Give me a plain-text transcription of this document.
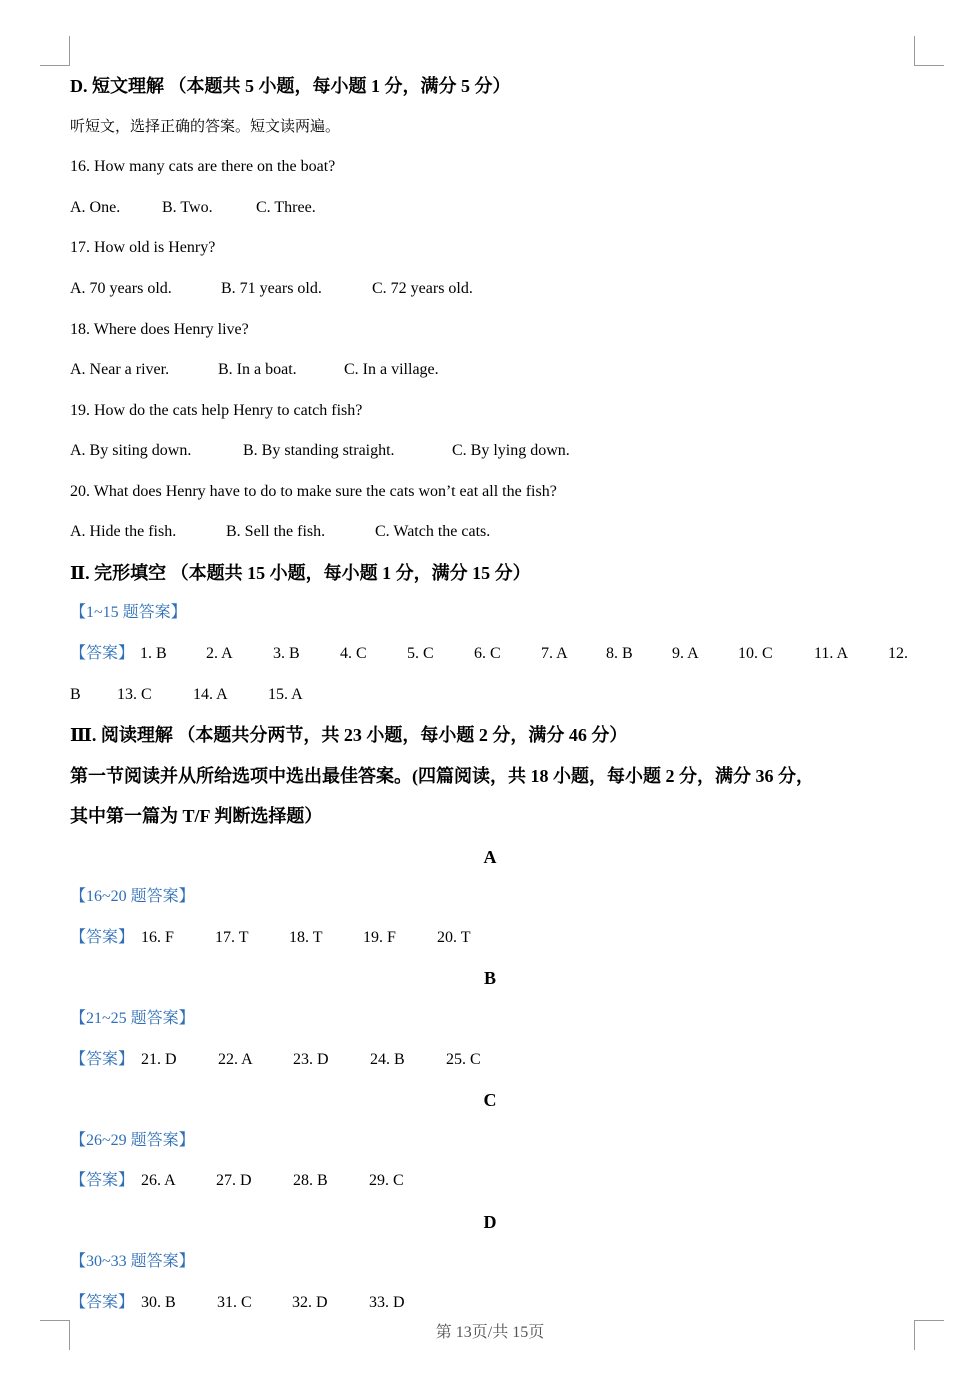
D. 短文理解 （本题共 5 小题，每小题 1 分，满分 5 分）
听短文，选择正确的答案。短文读两遍。
16. How many cats are there on the boat?
A. One.	B. Two.	C. Three.
17. How old is Henry?
A. 70 years old.	B. 71 years old.	C. 72 years old.
18. Where does Henry live?
A. Near a river.	B. In a boat.	C. In a village.
19. How do the cats help Henry to catch fish?
A. By siting down.	B. By standing straight.	C. By lying down.
20. What does Henry have to do to make sure the cats won’t eat all the fish?
A. Hide the fish.	B. Sell the fish.	C. Watch the cats.
Ⅱ. 完形填空 （本题共 15 小题，每小题 1 分，满分 15 分）
【1~15 题答案】
【答案】 1. B 2. A	3. B	4. C	5. C	6. C	7. A 8. B 9. A 10. C	11. A 12.
B 13. C	14. A	15. A
Ⅲ. 阅读理解 （本题共分两节，共 23 小题，每小题 2 分，满分 46 分）
第一节阅读并从所给选项中选出最佳答案。(四篇阅读，共 18 小题，每小题 2 分，满分 36 分，
其中第一篇为 T/F 判断选择题）
A
【16~20 题答案】
【答案】 16. F	17. T	18. T	19. F	20. T
B
【21~25 题答案】
【答案】 21. D	22. A	23. D	24. B	25. C
C
【26~29 题答案】
【答案】 26. A	27. D	28. B	29. C
D
【30~33 题答案】
【答案】 30. B	31. C	32. D	33. D
第 13页/共 15页
